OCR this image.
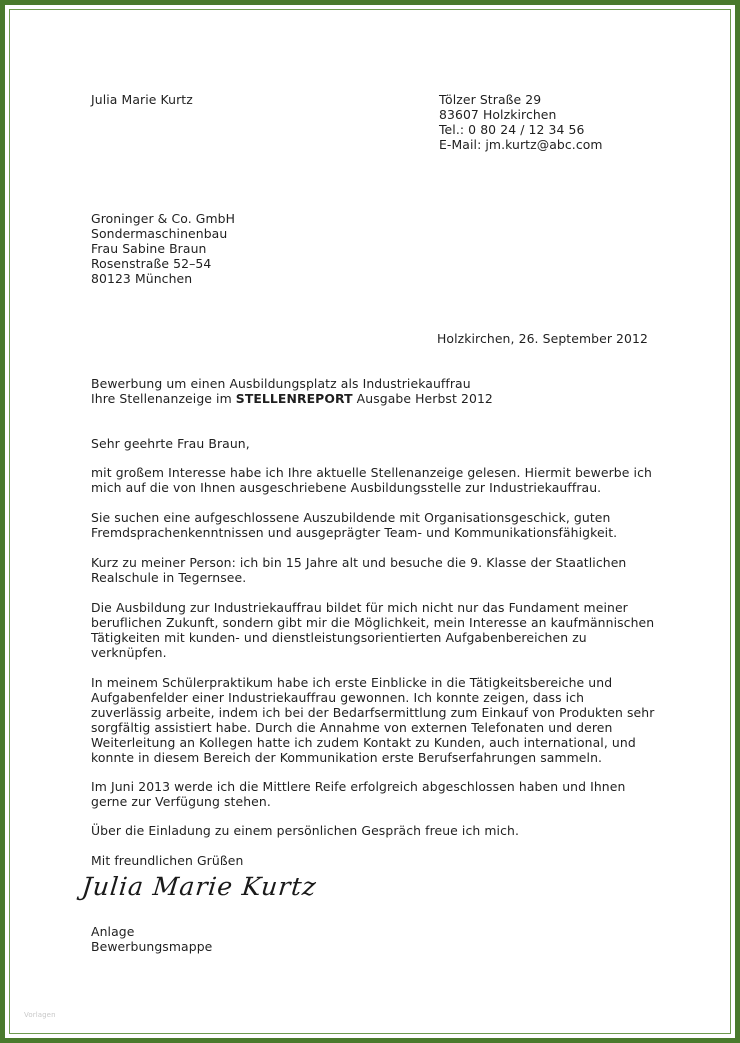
Julia Marie Kurtz	Tölzer Straße 29
83607 Holzkirchen
Tel.: 0 80 24 / 12 34 56
E-Mail: jm.kurtz@abc.com
Groninger & Co. GmbH
Sondermaschinenbau
Frau Sabine Braun
Rosenstraße 52–54
80123 München
Holzkirchen, 26. September 2012
Bewerbung um einen Ausbildungsplatz als Industriekauffrau
Ihre Stellenanzeige im STELLENREPORT Ausgabe Herbst 2012
Sehr geehrte Frau Braun,
mit großem Interesse habe ich Ihre aktuelle Stellenanzeige gelesen. Hiermit bewerbe ich
mich auf die von Ihnen ausgeschriebene Ausbildungsstelle zur Industriekauffrau.
Sie suchen eine aufgeschlossene Auszubildende mit Organisationsgeschick, guten
Fremdsprachenkenntnissen und ausgeprägter Team- und Kommunikationsfähigkeit.
Kurz zu meiner Person: ich bin 15 Jahre alt und besuche die 9. Klasse der Staatlichen
Realschule in Tegernsee.
Die Ausbildung zur Industriekauffrau bildet für mich nicht nur das Fundament meiner
beruflichen Zukunft, sondern gibt mir die Möglichkeit, mein Interesse an kaufmännischen
Tätigkeiten mit kunden- und dienstleistungsorientierten Aufgabenbereichen zu
verknüpfen.
In meinem Schülerpraktikum habe ich erste Einblicke in die Tätigkeitsbereiche und
Aufgabenfelder einer Industriekauffrau gewonnen. Ich konnte zeigen, dass ich
zuverlässig arbeite, indem ich bei der Bedarfsermittlung zum Einkauf von Produkten sehr
sorgfältig assistiert habe. Durch die Annahme von externen Telefonaten und deren
Weiterleitung an Kollegen hatte ich zudem Kontakt zu Kunden, auch international, und
konnte in diesem Bereich der Kommunikation erste Berufserfahrungen sammeln.
Im Juni 2013 werde ich die Mittlere Reife erfolgreich abgeschlossen haben und Ihnen
gerne zur Verfügung stehen.
Über die Einladung zu einem persönlichen Gespräch freue ich mich.
Mit freundlichen Grüßen
Julia Marie Kurtz
Anlage
Bewerbungsmappe
Vorlagen
